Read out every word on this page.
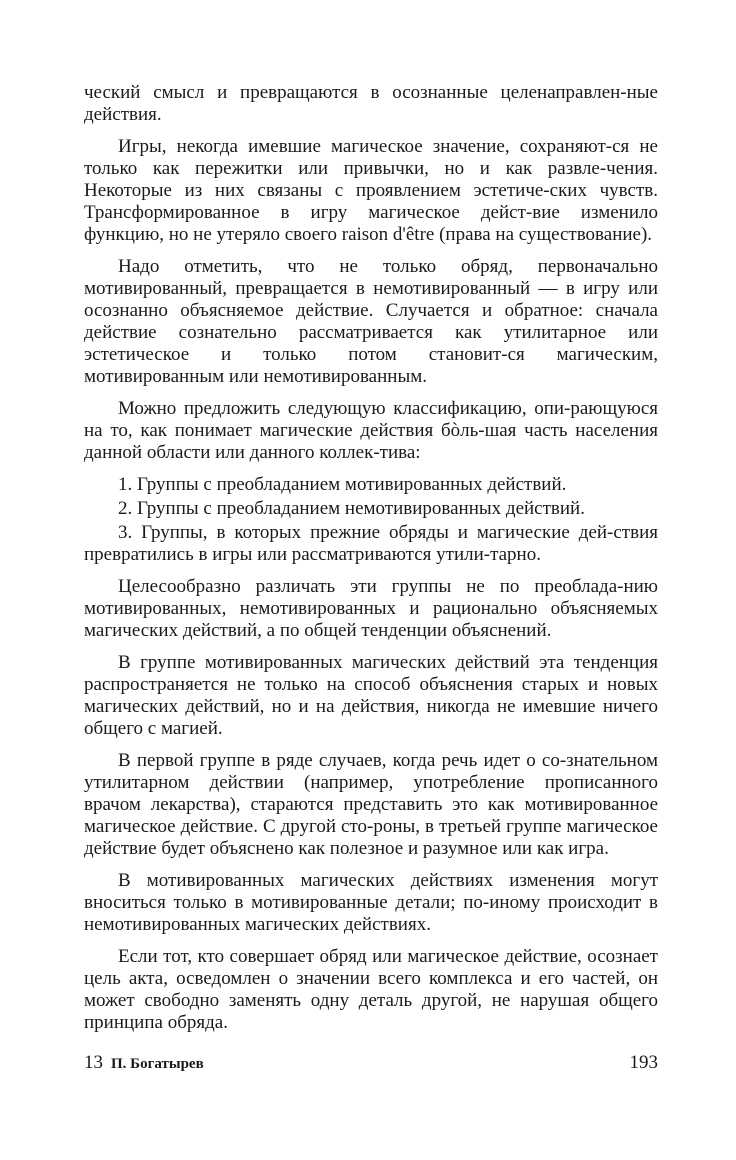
ческий смысл и превращаются в осознанные целенаправлен-ные действия.

Игры, некогда имевшие магическое значение, сохраняют-ся не только как пережитки или привычки, но и как развле-чения. Некоторые из них связаны с проявлением эстетиче-ских чувств. Трансформированное в игру магическое дейст-вие изменило функцию, но не утеряло своего raison d'être (права на существование).

Надо отметить, что не только обряд, первоначально мотивированный, превращается в немотивированный — в игру или осознанно объясняемое действие. Случается и обратное: сначала действие сознательно рассматривается как утилитарное или эстетическое и только потом становит-ся магическим, мотивированным или немотивированным.

Можно предложить следующую классификацию, опи-рающуюся на то, как понимает магические действия бòль-шая часть населения данной области или данного коллек-тива:

1. Группы с преобладанием мотивированных действий.
2. Группы с преобладанием немотивированных действий.
3. Группы, в которых прежние обряды и магические дей-ствия превратились в игры или рассматриваются утили-тарно.

Целесообразно различать эти группы не по преоблада-нию мотивированных, немотивированных и рационально объясняемых магических действий, а по общей тенденции объяснений.

В группе мотивированных магических действий эта тенденция распространяется не только на способ объяснения старых и новых магических действий, но и на действия, никогда не имевшие ничего общего с магией.

В первой группе в ряде случаев, когда речь идет о со-знательном утилитарном действии (например, употребление прописанного врачом лекарства), стараются представить это как мотивированное магическое действие. С другой сто-роны, в третьей группе магическое действие будет объяснено как полезное и разумное или как игра.

В мотивированных магических действиях изменения могут вноситься только в мотивированные детали; по-иному происходит в немотивированных магических действиях.

Если тот, кто совершает обряд или магическое действие, осознает цель акта, осведомлен о значении всего комплекса и его частей, он может свободно заменять одну деталь другой, не нарушая общего принципа обряда.

13 П. Богатырев	193
